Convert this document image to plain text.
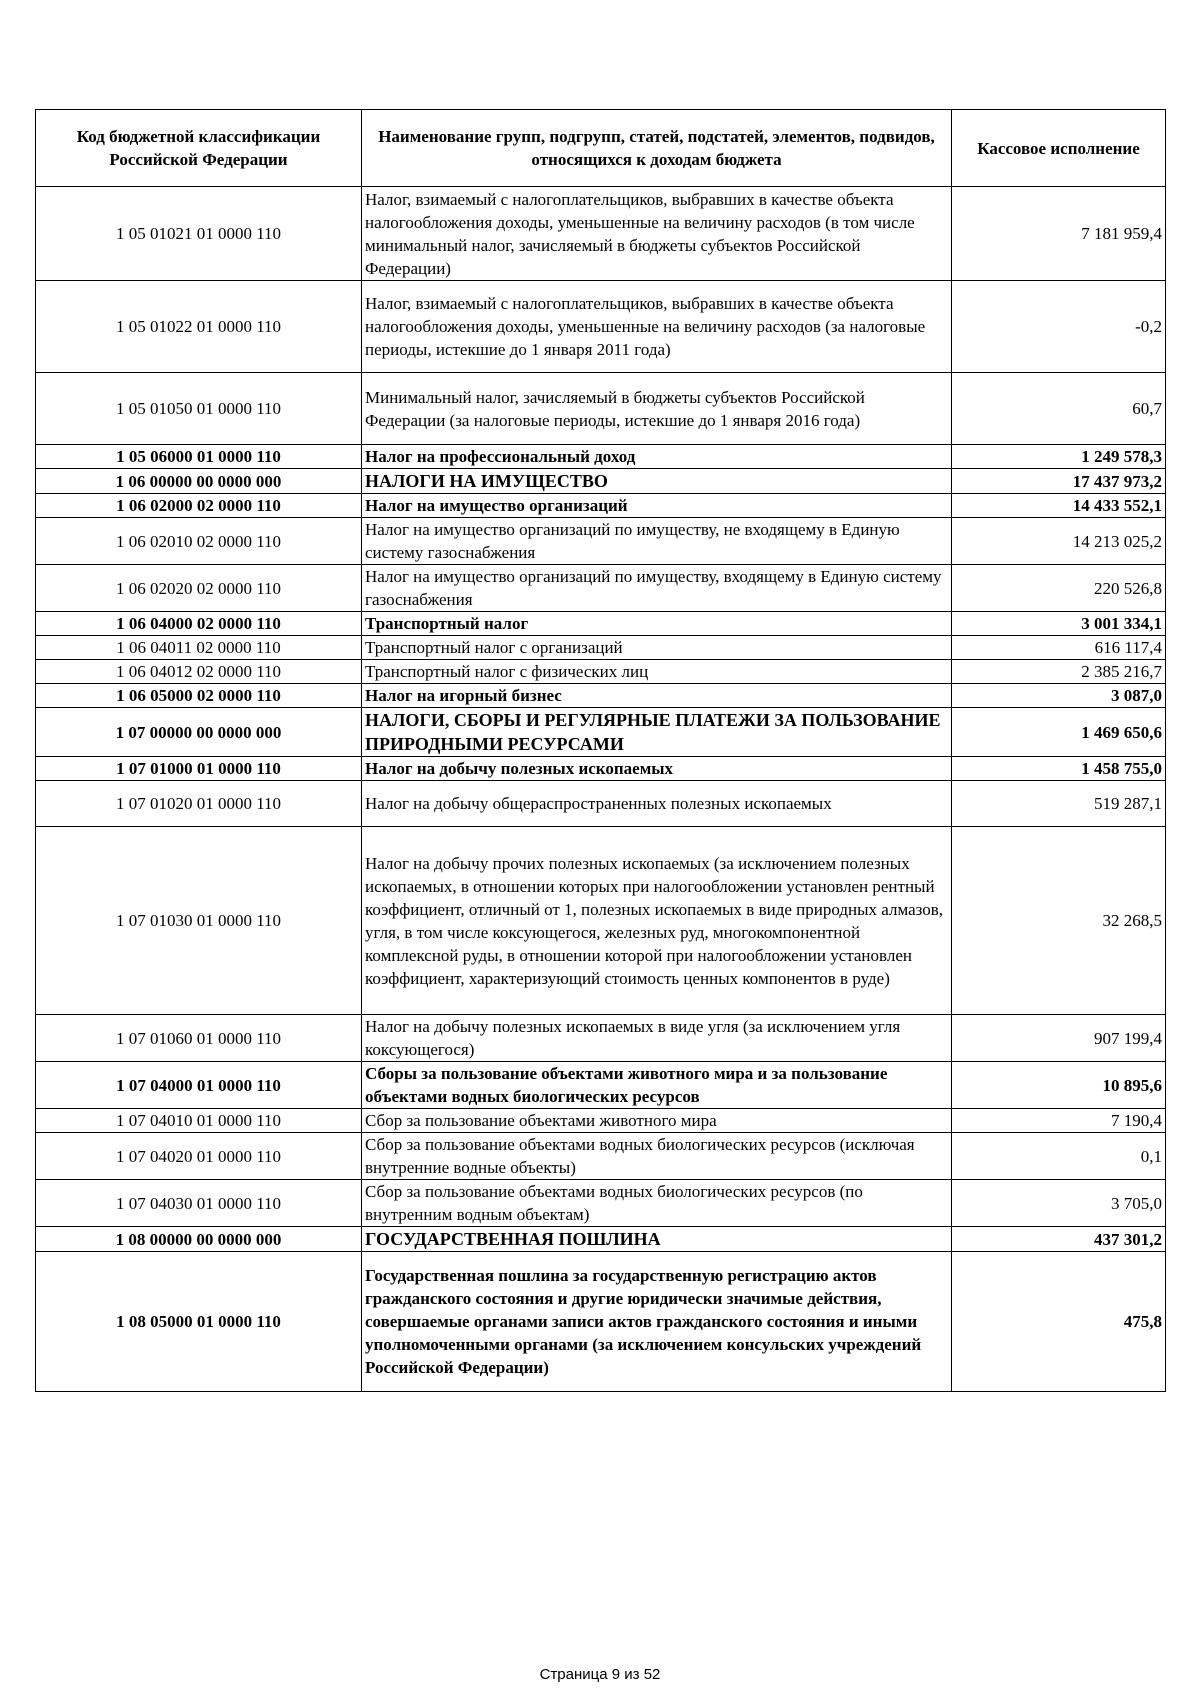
Код бюджетной классификации Российской Федерации	Наименование групп, подгрупп, статей, подстатей, элементов, подвидов, относящихся к доходам бюджета	Кассовое исполнение
1 05 01021 01 0000 110	Налог, взимаемый с налогоплательщиков, выбравших в качестве объекта налогообложения доходы, уменьшенные на величину расходов (в том числе минимальный налог, зачисляемый в бюджеты субъектов Российской Федерации)	7 181 959,4
1 05 01022 01 0000 110	Налог, взимаемый с налогоплательщиков, выбравших в качестве объекта налогообложения доходы, уменьшенные на величину расходов (за налоговые периоды, истекшие до 1 января 2011 года)	-0,2
1 05 01050 01 0000 110	Минимальный налог, зачисляемый в бюджеты субъектов Российской Федерации (за налоговые периоды, истекшие до 1 января 2016 года)	60,7
1 05 06000 01 0000 110	Налог на профессиональный доход	1 249 578,3
1 06 00000 00 0000 000	НАЛОГИ НА ИМУЩЕСТВО	17 437 973,2
1 06 02000 02 0000 110	Налог на имущество организаций	14 433 552,1
1 06 02010 02 0000 110	Налог на имущество организаций по имуществу, не входящему в Единую систему газоснабжения	14 213 025,2
1 06 02020 02 0000 110	Налог на имущество организаций по имуществу, входящему в Единую систему газоснабжения	220 526,8
1 06 04000 02 0000 110	Транспортный налог	3 001 334,1
1 06 04011 02 0000 110	Транспортный налог с организаций	616 117,4
1 06 04012 02 0000 110	Транспортный налог с физических лиц	2 385 216,7
1 06 05000 02 0000 110	Налог на игорный бизнес	3 087,0
1 07 00000 00 0000 000	НАЛОГИ, СБОРЫ И РЕГУЛЯРНЫЕ ПЛАТЕЖИ ЗА ПОЛЬЗОВАНИЕ ПРИРОДНЫМИ РЕСУРСАМИ	1 469 650,6
1 07 01000 01 0000 110	Налог на добычу полезных ископаемых	1 458 755,0
1 07 01020 01 0000 110	Налог на добычу общераспространенных полезных ископаемых	519 287,1
1 07 01030 01 0000 110	Налог на добычу прочих полезных ископаемых (за исключением полезных ископаемых, в отношении которых при налогообложении установлен рентный коэффициент, отличный от 1, полезных ископаемых в виде природных алмазов, угля, в том числе коксующегося, железных руд, многокомпонентной комплексной руды, в отношении которой при налогообложении установлен коэффициент, характеризующий стоимость ценных компонентов в руде)	32 268,5
1 07 01060 01 0000 110	Налог на добычу полезных ископаемых в виде угля (за исключением угля коксующегося)	907 199,4
1 07 04000 01 0000 110	Сборы за пользование объектами животного мира и за пользование объектами водных биологических ресурсов	10 895,6
1 07 04010 01 0000 110	Сбор за пользование объектами животного мира	7 190,4
1 07 04020 01 0000 110	Сбор за пользование объектами водных биологических ресурсов (исключая внутренние водные объекты)	0,1
1 07 04030 01 0000 110	Сбор за пользование объектами водных биологических ресурсов (по внутренним водным объектам)	3 705,0
1 08 00000 00 0000 000	ГОСУДАРСТВЕННАЯ ПОШЛИНА	437 301,2
1 08 05000 01 0000 110	Государственная пошлина за государственную регистрацию актов гражданского состояния и другие юридически значимые действия, совершаемые органами записи актов гражданского состояния и иными уполномоченными органами (за исключением консульских учреждений Российской Федерации)	475,8
Страница 9 из 52
